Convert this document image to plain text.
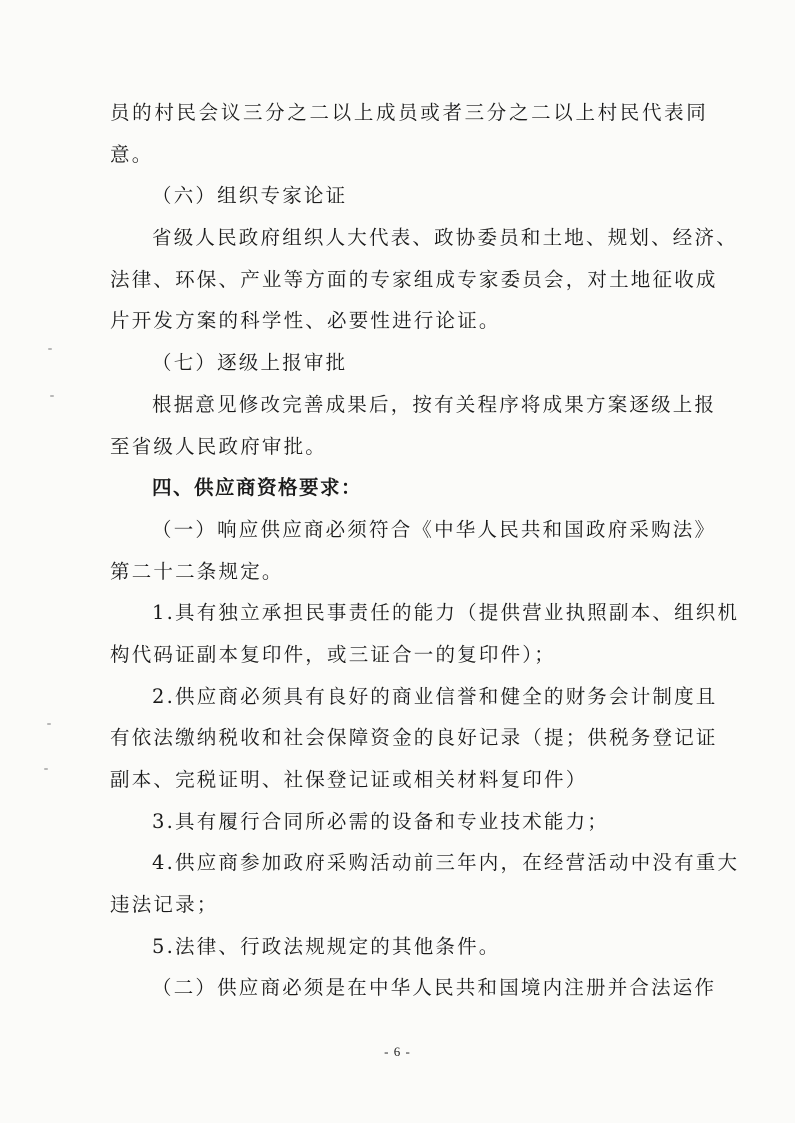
员的村民会议三分之二以上成员或者三分之二以上村民代表同
意。
（六）组织专家论证
省级人民政府组织人大代表、政协委员和土地、规划、经济、
法律、环保、产业等方面的专家组成专家委员会，对土地征收成
片开发方案的科学性、必要性进行论证。
（七）逐级上报审批
根据意见修改完善成果后，按有关程序将成果方案逐级上报
至省级人民政府审批。
四、供应商资格要求：
（一）响应供应商必须符合《中华人民共和国政府采购法》
第二十二条规定。
1.具有独立承担民事责任的能力（提供营业执照副本、组织机
构代码证副本复印件，或三证合一的复印件）；
2.供应商必须具有良好的商业信誉和健全的财务会计制度且
有依法缴纳税收和社会保障资金的良好记录（提；供税务登记证
副本、完税证明、社保登记证或相关材料复印件）
3.具有履行合同所必需的设备和专业技术能力；
4.供应商参加政府采购活动前三年内，在经营活动中没有重大
违法记录；
5.法律、行政法规规定的其他条件。
（二）供应商必须是在中华人民共和国境内注册并合法运作
- 6 -
